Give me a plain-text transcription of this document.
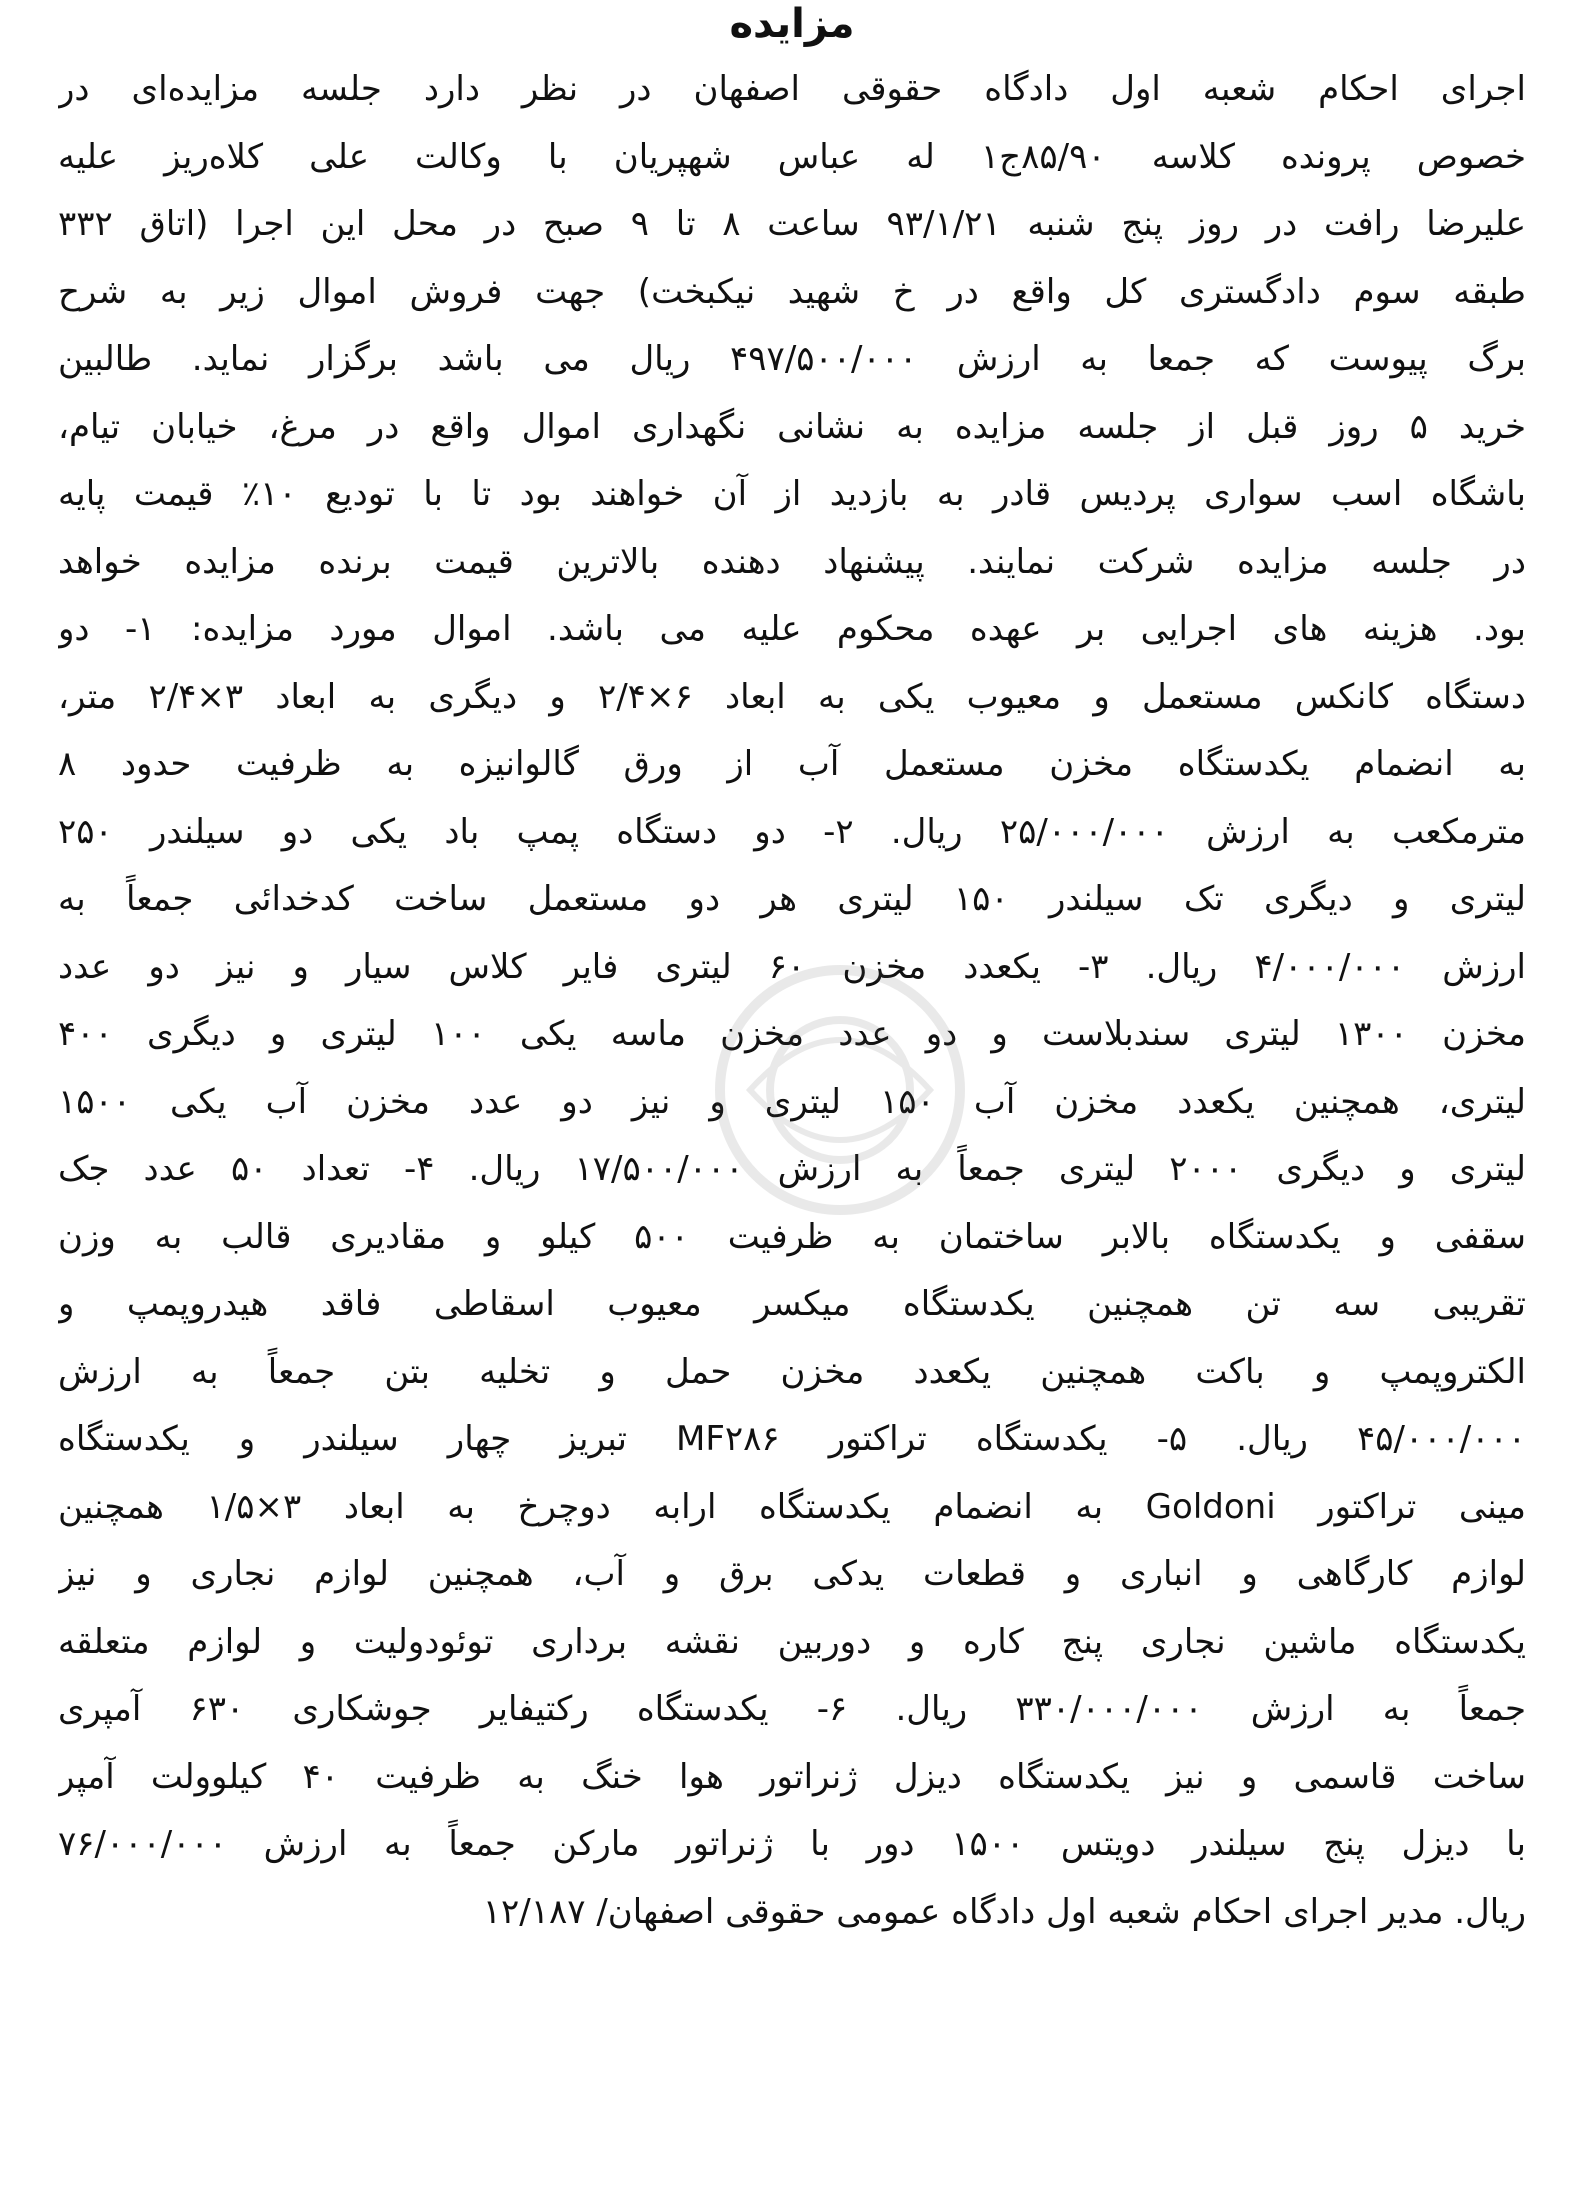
مزایده
اجرای احکام شعبه اول دادگاه حقوقی اصفهان در نظر دارد جلسه مزایده‌ای در
خصوص پرونده کلاسه ۸۵/۹۰ج۱ له عباس شهپریان با وکالت علی کلاه‌ریز علیه
علیرضا رافت در روز پنج شنبه ۹۳/۱/۲۱ ساعت ۸ تا ۹ صبح در محل این اجرا (اتاق ۳۳۲
طبقه سوم دادگستری کل واقع در خ شهید نیکبخت) جهت فروش اموال زیر به شرح
برگ پیوست که جمعا به ارزش ۴۹۷/۵۰۰/۰۰۰ ریال می باشد برگزار نماید. طالبین
خرید ۵ روز قبل از جلسه مزایده به نشانی نگهداری اموال واقع در مرغ، خیابان تیام،
باشگاه اسب سواری پردیس قادر به بازدید از آن خواهند بود تا با تودیع ۱۰٪ قیمت پایه
در جلسه مزایده شرکت نمایند. پیشنهاد دهنده بالاترین قیمت برنده مزایده خواهد
بود. هزینه های اجرایی بر عهده محکوم علیه می باشد. اموال مورد مزایده: ۱- دو
دستگاه کانکس مستعمل و معیوب یکی به ابعاد ۶×۲/۴ و دیگری به ابعاد ۳×۲/۴ متر،
به انضمام یکدستگاه مخزن مستعمل آب از ورق گالوانیزه به ظرفیت حدود ۸
مترمکعب به ارزش ۲۵/۰۰۰/۰۰۰ ریال. ۲- دو دستگاه پمپ باد یکی دو سیلندر ۲۵۰
لیتری و دیگری تک سیلندر ۱۵۰ لیتری هر دو مستعمل ساخت کدخدائی جمعاً به
ارزش ۴/۰۰۰/۰۰۰ ریال. ۳- یکعدد مخزن ۶۰ لیتری فایر کلاس سیار و نیز دو عدد
مخزن ۱۳۰۰ لیتری سندبلاست و دو عدد مخزن ماسه یکی ۱۰۰ لیتری و دیگری ۴۰۰
لیتری، همچنین یکعدد مخزن آب ۱۵۰ لیتری و نیز دو عدد مخزن آب یکی ۱۵۰۰
لیتری و دیگری ۲۰۰۰ لیتری جمعاً به ارزش ۱۷/۵۰۰/۰۰۰ ریال. ۴- تعداد ۵۰ عدد جک
سقفی و یکدستگاه بالابر ساختمان به ظرفیت ۵۰۰ کیلو و مقادیری قالب به وزن
تقریبی سه تن همچنین یکدستگاه میکسر معیوب اسقاطی فاقد هیدروپمپ و
الکتروپمپ و باکت همچنین یکعدد مخزن حمل و تخلیه بتن جمعاً به ارزش
۴۵/۰۰۰/۰۰۰ ریال. ۵- یکدستگاه تراکتور MF۲۸۶ تبریز چهار سیلندر و یکدستگاه
مینی تراکتور Goldoni به انضمام یکدستگاه ارابه دوچرخ به ابعاد ۳×۱/۵ همچنین
لوازم کارگاهی و انباری و قطعات یدکی برق و آب، همچنین لوازم نجاری و نیز
یکدستگاه ماشین نجاری پنج کاره و دوربین نقشه برداری توئودولیت و لوازم متعلقه
جمعاً به ارزش ۳۳۰/۰۰۰/۰۰۰ ریال. ۶- یکدستگاه رکتیفایر جوشکاری ۶۳۰ آمپری
ساخت قاسمی و نیز یکدستگاه دیزل ژنراتور هوا خنگ به ظرفیت ۴۰ کیلوولت آمپر
با دیزل پنج سیلندر دویتس ۱۵۰۰ دور با ژنراتور مارکن جمعاً به ارزش ۷۶/۰۰۰/۰۰۰
ریال. مدیر اجرای احکام شعبه اول دادگاه عمومی حقوقی اصفهان/ ۱۲/۱۸۷
